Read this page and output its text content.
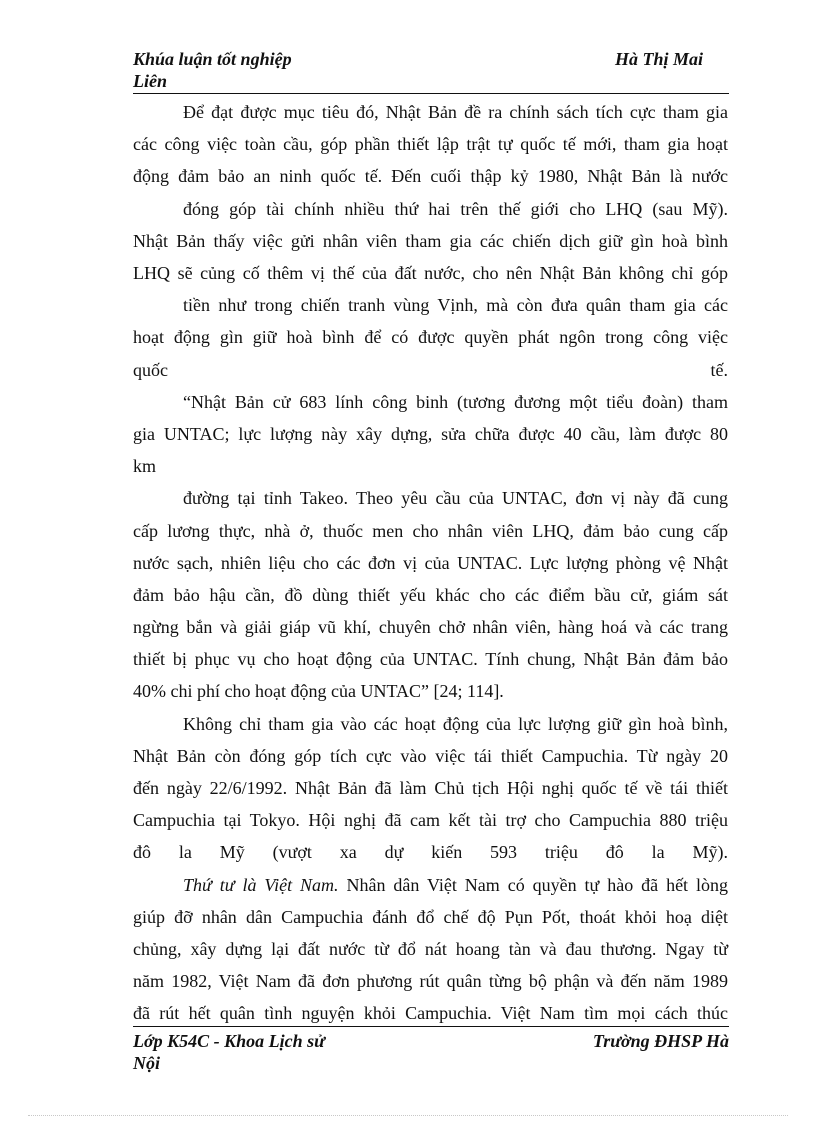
Khúa luận tốt nghiệp	Hà Thị Mai
Liên
Để đạt được mục tiêu đó, Nhật Bản đề ra chính sách tích cực tham gia
các công việc toàn cầu, góp phần thiết lập trật tự quốc tế mới, tham gia hoạt
động đảm bảo an ninh quốc tế. Đến cuối thập kỷ 1980, Nhật Bản là nước
đóng góp tài chính nhiều thứ hai trên thế giới cho LHQ (sau Mỹ).
Nhật Bản thấy việc gửi nhân viên tham gia các chiến dịch giữ gìn hoà bình
LHQ sẽ củng cố thêm vị thế của đất nước, cho nên Nhật Bản không chỉ góp
tiền như trong chiến tranh vùng Vịnh, mà còn đưa quân tham gia các
hoạt động gìn giữ hoà bình để có được quyền phát ngôn trong công việc
quốc tế.
“Nhật Bản cử 683 lính công binh (tương đương một tiểu đoàn) tham
gia UNTAC; lực lượng này xây dựng, sửa chữa được 40 cầu, làm được 80
km
đường tại tỉnh Takeo. Theo yêu cầu của UNTAC, đơn vị này đã cung
cấp lương thực, nhà ở, thuốc men cho nhân viên LHQ, đảm bảo cung cấp
nước sạch, nhiên liệu cho các đơn vị của UNTAC. Lực lượng phòng vệ Nhật
đảm bảo hậu cần, đồ dùng thiết yếu khác cho các điểm bầu cử, giám sát
ngừng bắn và giải giáp vũ khí, chuyên chở nhân viên, hàng hoá và các trang
thiết bị phục vụ cho hoạt động của UNTAC. Tính chung, Nhật Bản đảm bảo
40% chi phí cho hoạt động của UNTAC” [24; 114].
Không chỉ tham gia vào các hoạt động của lực lượng giữ gìn hoà bình,
Nhật Bản còn đóng góp tích cực vào việc tái thiết Campuchia. Từ ngày 20
đến ngày 22/6/1992. Nhật Bản đã làm Chủ tịch Hội nghị quốc tế về tái thiết
Campuchia tại Tokyo. Hội nghị đã cam kết tài trợ cho Campuchia 880 triệu
đô la Mỹ (vượt xa dự kiến 593 triệu đô la Mỹ).
Thứ tư là Việt Nam. Nhân dân Việt Nam có quyền tự hào đã hết lòng
giúp đỡ nhân dân Campuchia đánh đổ chế độ Pụn Pốt, thoát khỏi hoạ diệt
chủng, xây dựng lại đất nước từ đổ nát hoang tàn và đau thương. Ngay từ
năm 1982, Việt Nam đã đơn phương rút quân từng bộ phận và đến năm 1989
đã rút hết quân tình nguyện khỏi Campuchia. Việt Nam tìm mọi cách thúc
Lớp K54C - Khoa Lịch sử	Trường ĐHSP Hà
Nội
